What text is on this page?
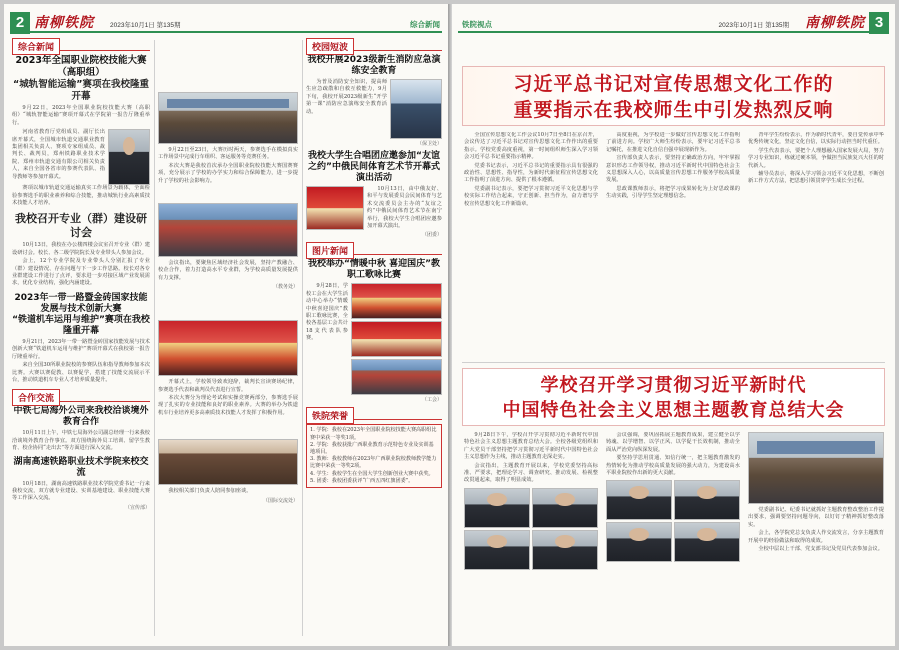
2 南柳铁院 2023年10月1日 第135期	综合新闻
综合新闻
2023年全国职业院校技能大赛（高职组）
“城轨智能运输”赛项在我校隆重开幕
9月22日，2023年全国职业院校技能大赛（高职组）“城轨智能运输”赛项开幕式在学院第一报告厅隆重举行。
河南省教育厅党组成员、副厅长出席开幕式，全国城市轨道交通职业教育集团相关负责人、赛项专家组成员、裁判长、裁判员，郑州铁路职业技术学院、郑州市轨道交通有限公司相关负责人，来自全国各省市的参赛代表队、指导教师等参加开幕式。
赛项以城市轨道交通运输真实工作场景为载体，全面检验参赛选手的职业素养和综合技能，推动城轨行业高素质技术技能人才培养。
我校召开专业（群）建设研讨会
10月13日，我校在办公楼四楼会议室召开专业（群）建设研讨会。校长、各二级学院院长及专业带头人参加会议。
会上，12个专业学院及专业带头人分别汇报了专业（群）建设情况、存在问题与下一步工作思路。校长对各专业群建设工作进行了点评，要求进一步对接区域产业发展需求，优化专业结构，强化内涵建设。
2023年一带一路暨金砖国家技能发展与技术创新大赛
“铁道机车运用与维护”赛项在我校隆重开幕
9月21日，2023年一带一路暨金砖国家技能发展与技术创新大赛“铁道机车运用与维护”赛项开幕式在我校第一报告厅隆重举行。
来自全国30所职业院校的参赛队伍和指导教师参加本次比赛。大赛以赛促教、以赛促学，搭建了技能交流展示平台，推动铁道机车专业人才培养质量提升。
合作交流
中铁七局海外公司来我校洽谈境外教育合作
10月11日上午，中铁七局海外公司副总经理一行来我校洽谈境外教育合作事宜。双方围绕海外员工培训、留学生教育、校企协同“走出去”等方面进行深入交流。
湖南高速铁路职业技术学院来校交流
10月18日，湖南高速铁路职业技术学院党委书记一行来我校交流，双方就专业建设、实训基地建设、职业技能大赛等工作深入交流。
（宣传部）
9月22日至23日，大赛历时两天，参赛选手在模拟真实工作场景中完成行车组织、客运服务等竞赛任务。
本次大赛是我校首次承办全国职业院校技能大赛国赛赛项，充分展示了学校的办学实力和综合保障能力，进一步提升了学校的社会影响力。
会议指出，要聚焦区域经济社会发展，坚持产教融合、校企合作，着力打造高水平专业群，为学校高质量发展提供有力支撑。
（教务处）
开幕式上，学校领导致欢迎辞，裁判长宣读赛场纪律，参赛选手代表和裁判员代表进行宣誓。
本次大赛分为理论考试和实操竞赛两部分，参赛选手展现了扎实的专业技能和良好的职业素养。大赛的举办为铁道机车行业培养更多高素质技术技能人才发挥了积极作用。
我校相关部门负责人陪同参加座谈。
（国际交流处）
校园短波
我校开展2023级新生消防应急演练安全教育
为普及消防安全知识，提高师生应急疏散和自救互救能力，9月下旬，我校开展2023级新生“开学第一课”消防应急演练安全教育活动。
（保卫处）
我校大学生合唱团应邀参加“友谊之约”中俄民间体育艺术节开幕式演出活动
10月13日，由中俄友好、和平与发展委员会民间体育与艺术交流委员会主办的“友谊之约”中俄民间体育艺术节在南宁举行，我校大学生合唱团应邀参加开幕式演出。
（团委）
图片新闻
我校举办“情暖中秋 喜迎国庆”教职工歌咏比赛
9月28日，学校工会在大学生活动中心举办“情暖中秋喜迎国庆”教职工歌咏比赛，全校各基层工会共计18支代表队参赛。
（工会）
铁院荣誉
1. 学院：我校在2023年全国职业院校技能大赛高职组比赛中荣获一等奖1项。
2. 学院：我校获批广西职业教育示范特色专业及实训基地项目。
3. 教师：我校教师在2023年广西职业院校教师教学能力比赛中荣获一等奖2项。
4. 学生：我校学生在全国大学生创新创业大赛中获奖。
5. 团委：我校团委获评“广西五四红旗团委”。
铁院视点	2023年10月1日 第135期 南柳铁院 3
习近平总书记对宣传思想文化工作的
重要指示在我校师生中引发热烈反响
全国宣传思想文化工作会议10月7日至8日在京召开，会议传达了习近平总书记对宣传思想文化工作作出的重要指示。学校党委高度重视，第一时间组织师生深入学习领会习近平总书记重要指示精神。
党委书记表示，习近平总书记的重要指示具有很强的政治性、思想性、指导性，为新时代新征程宣传思想文化工作指明了前进方向、提供了根本遵循。
党委副书记表示，要把学习贯彻习近平文化思想与学校实际工作结合起来，守正创新、担当作为，奋力谱写学校宣传思想文化工作新篇章。
高度重视，为学校进一步做好宣传思想文化工作指明了前进方向。学校广大师生纷纷表示，要牢记习近平总书记嘱托，在推进文化自信自强中展现新作为。
宣传部负责人表示，要坚持正确政治方向，牢牢掌握意识形态工作领导权，推动习近平新时代中国特色社会主义思想深入人心，以高质量宣传思想工作服务学校高质量发展。
思政课教师表示，将把学习成果转化为上好思政课的生动实践，引导学生坚定理想信念。
青年学生纷纷表示，作为新时代青年，要自觉传承中华优秀传统文化，坚定文化自信，以实际行动担当时代重任。
学生代表表示，要把个人理想融入国家发展大局，努力学习专业知识，练就过硬本领，争做担当民族复兴大任的时代新人。
辅导员表示，将深入学习领会习近平文化思想，不断创新工作方式方法，把思想引领贯穿学生成长全过程。
学校召开学习贯彻习近平新时代
中国特色社会主义思想主题教育总结大会
9月28日下午，学校召开学习贯彻习近平新时代中国特色社会主义思想主题教育总结大会。全校各级党组织和广大党员干部坚持把学习贯彻习近平新时代中国特色社会主义思想作为主线，推动主题教育走深走实。
会议指出，主题教育开展以来，学校党委坚持高标准、严要求，把理论学习、调查研究、推动发展、检视整改贯通起来，取得了明显成效。
会议强调，要巩固拓展主题教育成果，建立健全以学铸魂、以学增智、以学正风、以学促干长效机制，推动全面从严治党向纵深发展。
要坚持学思用贯通、知信行统一，把主题教育激发的热情转化为推动学校高质量发展的强大动力，为建设高水平职业院校作出新的更大贡献。
党委副书记、纪委书记就抓好主题教育整改整治工作提出要求，强调要坚持问题导向，以钉钉子精神抓好整改落实。
会上，各学院党总支负责人作交流发言，分享主题教育开展中的经验做法和取得的成效。
全校中层以上干部、党支部书记及党员代表参加会议。
